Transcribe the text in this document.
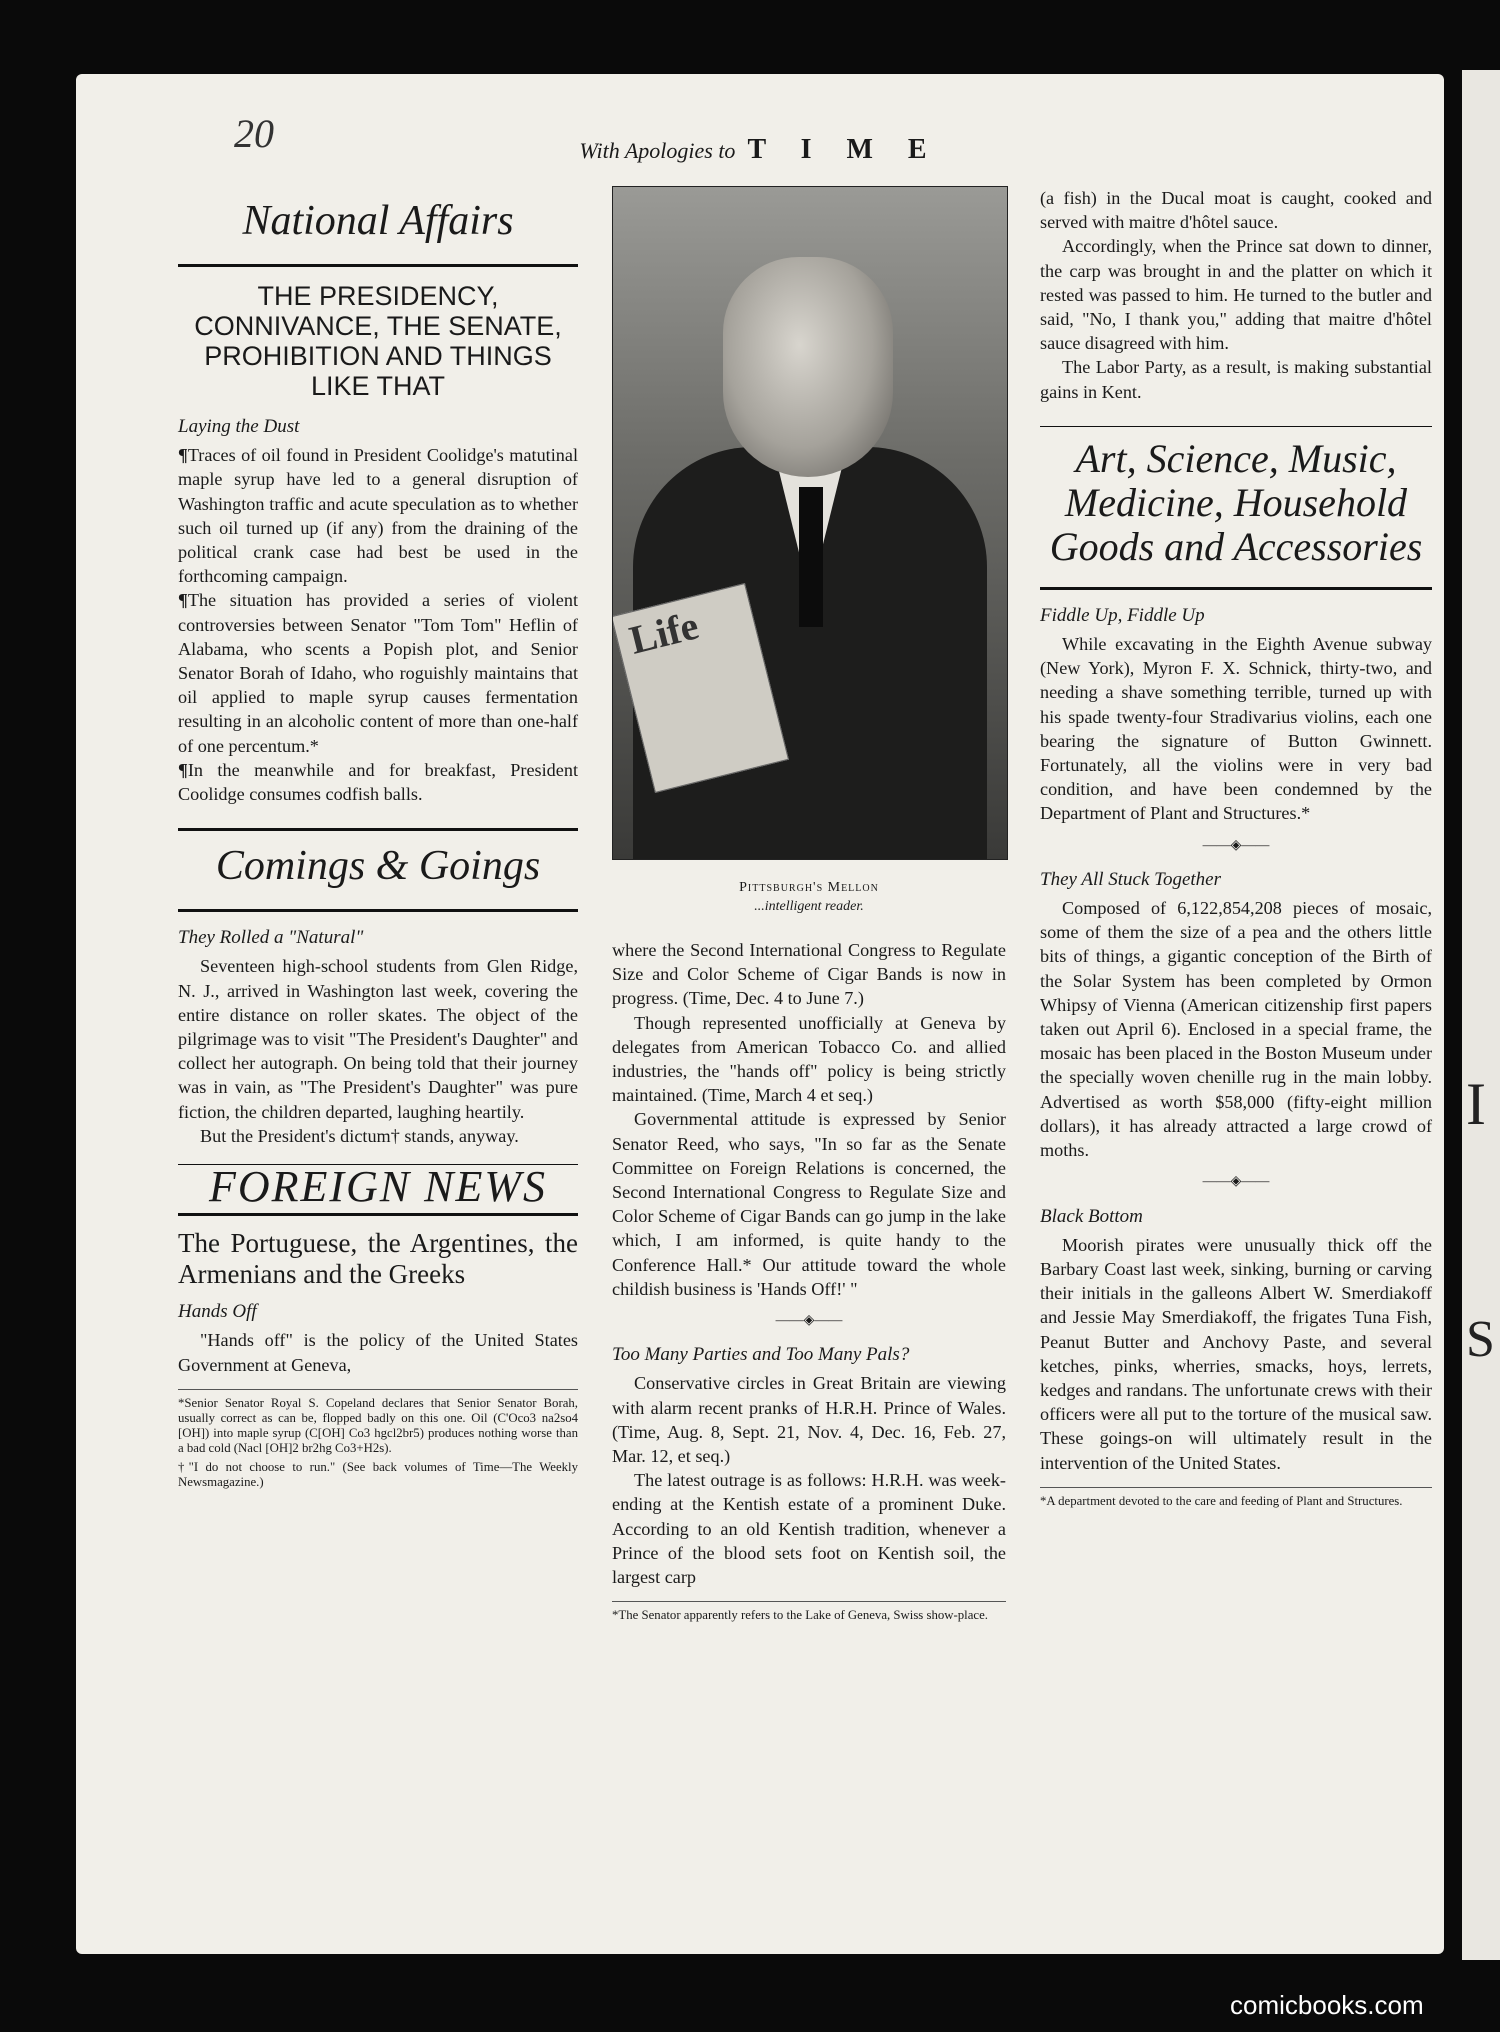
20	With Apologies to T I M E
National Affairs
THE PRESIDENCY, CONNIVANCE, THE SENATE, PROHIBITION AND THINGS LIKE THAT
Laying the Dust

¶Traces of oil found in President Coolidge's matutinal maple syrup have led to a general disruption of Washington traffic and acute speculation as to whether such oil turned up (if any) from the draining of the political crank case had best be used in the forthcoming campaign.

¶The situation has provided a series of violent controversies between Senator "Tom Tom" Heflin of Alabama, who scents a Popish plot, and Senior Senator Borah of Idaho, who roguishly maintains that oil applied to maple syrup causes fermentation resulting in an alcoholic content of more than one-half of one percentum.*

¶In the meanwhile and for breakfast, President Coolidge consumes codfish balls.

Comings & Goings
They Rolled a "Natural"

Seventeen high-school students from Glen Ridge, N. J., arrived in Washington last week, covering the entire distance on roller skates. The object of the pilgrimage was to visit "The President's Daughter" and collect her autograph. On being told that their journey was in vain, as "The President's Daughter" was pure fiction, the children departed, laughing heartily.

But the President's dictum† stands, anyway.

FOREIGN NEWS
The Portuguese, the Argentines, the Armenians and the Greeks
Hands Off

"Hands off" is the policy of the United States Government at Geneva,

*Senior Senator Royal S. Copeland declares that Senior Senator Borah, usually correct as can be, flopped badly on this one. Oil (C'Oco3 na2so4 [OH]) into maple syrup (C[OH] Co3 hgcl2br5) produces nothing worse than a bad cold (Nacl [OH]2 br2hg Co3+H2s).
†"I do not choose to run." (See back volumes of Time—The Weekly Newsmagazine.)
Life
Pittsburgh's Mellon
...intelligent reader.

where the Second International Congress to Regulate Size and Color Scheme of Cigar Bands is now in progress. (Time, Dec. 4 to June 7.)

Though represented unofficially at Geneva by delegates from American Tobacco Co. and allied industries, the "hands off" policy is being strictly maintained. (Time, March 4 et seq.)

Governmental attitude is expressed by Senior Senator Reed, who says, "In so far as the Senate Committee on Foreign Relations is concerned, the Second International Congress to Regulate Size and Color Scheme of Cigar Bands can go jump in the lake which, I am informed, is quite handy to the Conference Hall.* Our attitude toward the whole childish business is 'Hands Off!' "

——◈——
Too Many Parties and Too Many Pals?

Conservative circles in Great Britain are viewing with alarm recent pranks of H.R.H. Prince of Wales. (Time, Aug. 8, Sept. 21, Nov. 4, Dec. 16, Feb. 27, Mar. 12, et seq.)

The latest outrage is as follows: H.R.H. was week-ending at the Kentish estate of a prominent Duke. According to an old Kentish tradition, whenever a Prince of the blood sets foot on Kentish soil, the largest carp

*The Senator apparently refers to the Lake of Geneva, Swiss show-place.

(a fish) in the Ducal moat is caught, cooked and served with maitre d'hôtel sauce.

Accordingly, when the Prince sat down to dinner, the carp was brought in and the platter on which it rested was passed to him. He turned to the butler and said, "No, I thank you," adding that maitre d'hôtel sauce disagreed with him.

The Labor Party, as a result, is making substantial gains in Kent.

Art, Science, Music, Medicine, Household Goods and Accessories
Fiddle Up, Fiddle Up

While excavating in the Eighth Avenue subway (New York), Myron F. X. Schnick, thirty-two, and needing a shave something terrible, turned up with his spade twenty-four Stradivarius violins, each one bearing the signature of Button Gwinnett. Fortunately, all the violins were in very bad condition, and have been condemned by the Department of Plant and Structures.*

——◈——
They All Stuck Together

Composed of 6,122,854,208 pieces of mosaic, some of them the size of a pea and the others little bits of things, a gigantic conception of the Birth of the Solar System has been completed by Ormon Whipsy of Vienna (American citizenship first papers taken out April 6). Enclosed in a special frame, the mosaic has been placed in the Boston Museum under the specially woven chenille rug in the main lobby. Advertised as worth $58,000 (fifty-eight million dollars), it has already attracted a large crowd of moths.

——◈——
Black Bottom

Moorish pirates were unusually thick off the Barbary Coast last week, sinking, burning or carving their initials in the galleons Albert W. Smerdiakoff and Jessie May Smerdiakoff, the frigates Tuna Fish, Peanut Butter and Anchovy Paste, and several ketches, pinks, wherries, smacks, hoys, lerrets, kedges and randans. The unfortunate crews with their officers were all put to the torture of the musical saw. These goings-on will ultimately result in the intervention of the United States.

*A department devoted to the care and feeding of Plant and Structures.
I
S
comicbooks.com
